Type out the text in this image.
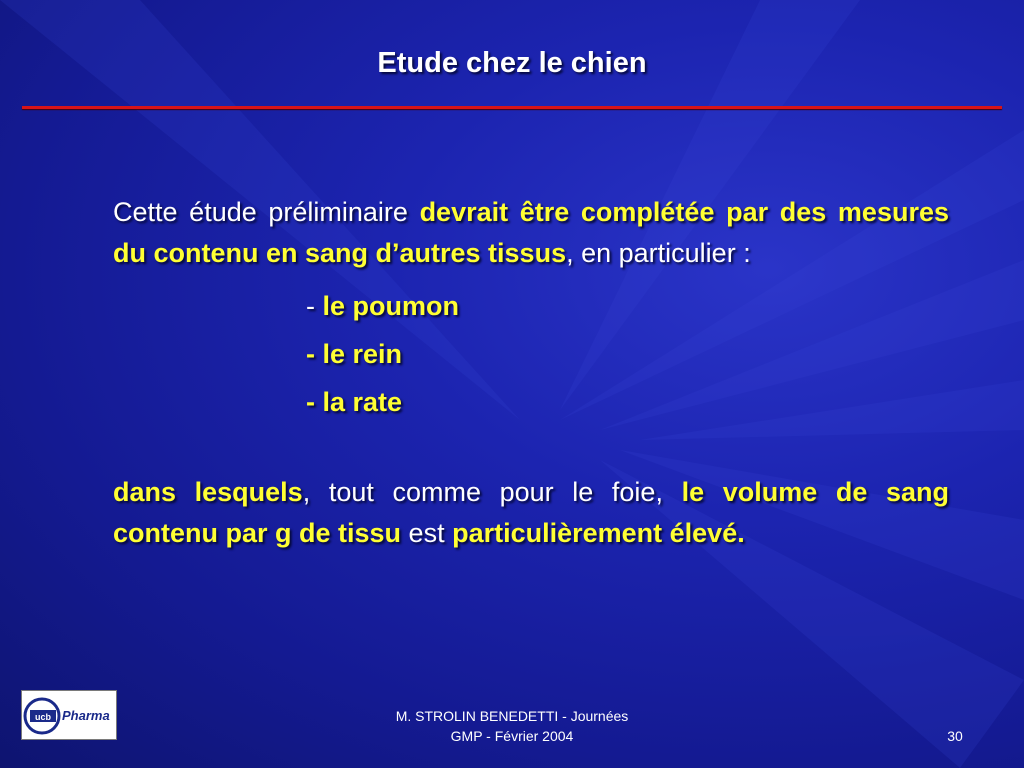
Etude chez le chien

Cette étude préliminaire devrait être complétée par des mesures du contenu en sang d’autres tissus, en particulier :

- le poumon
- le rein
- la rate

dans lesquels, tout comme pour le foie, le volume de sang contenu par g de tissu est particulièrement élevé.

ucb Pharma	M. STROLIN BENEDETTI - Journées
GMP - Février 2004	30
